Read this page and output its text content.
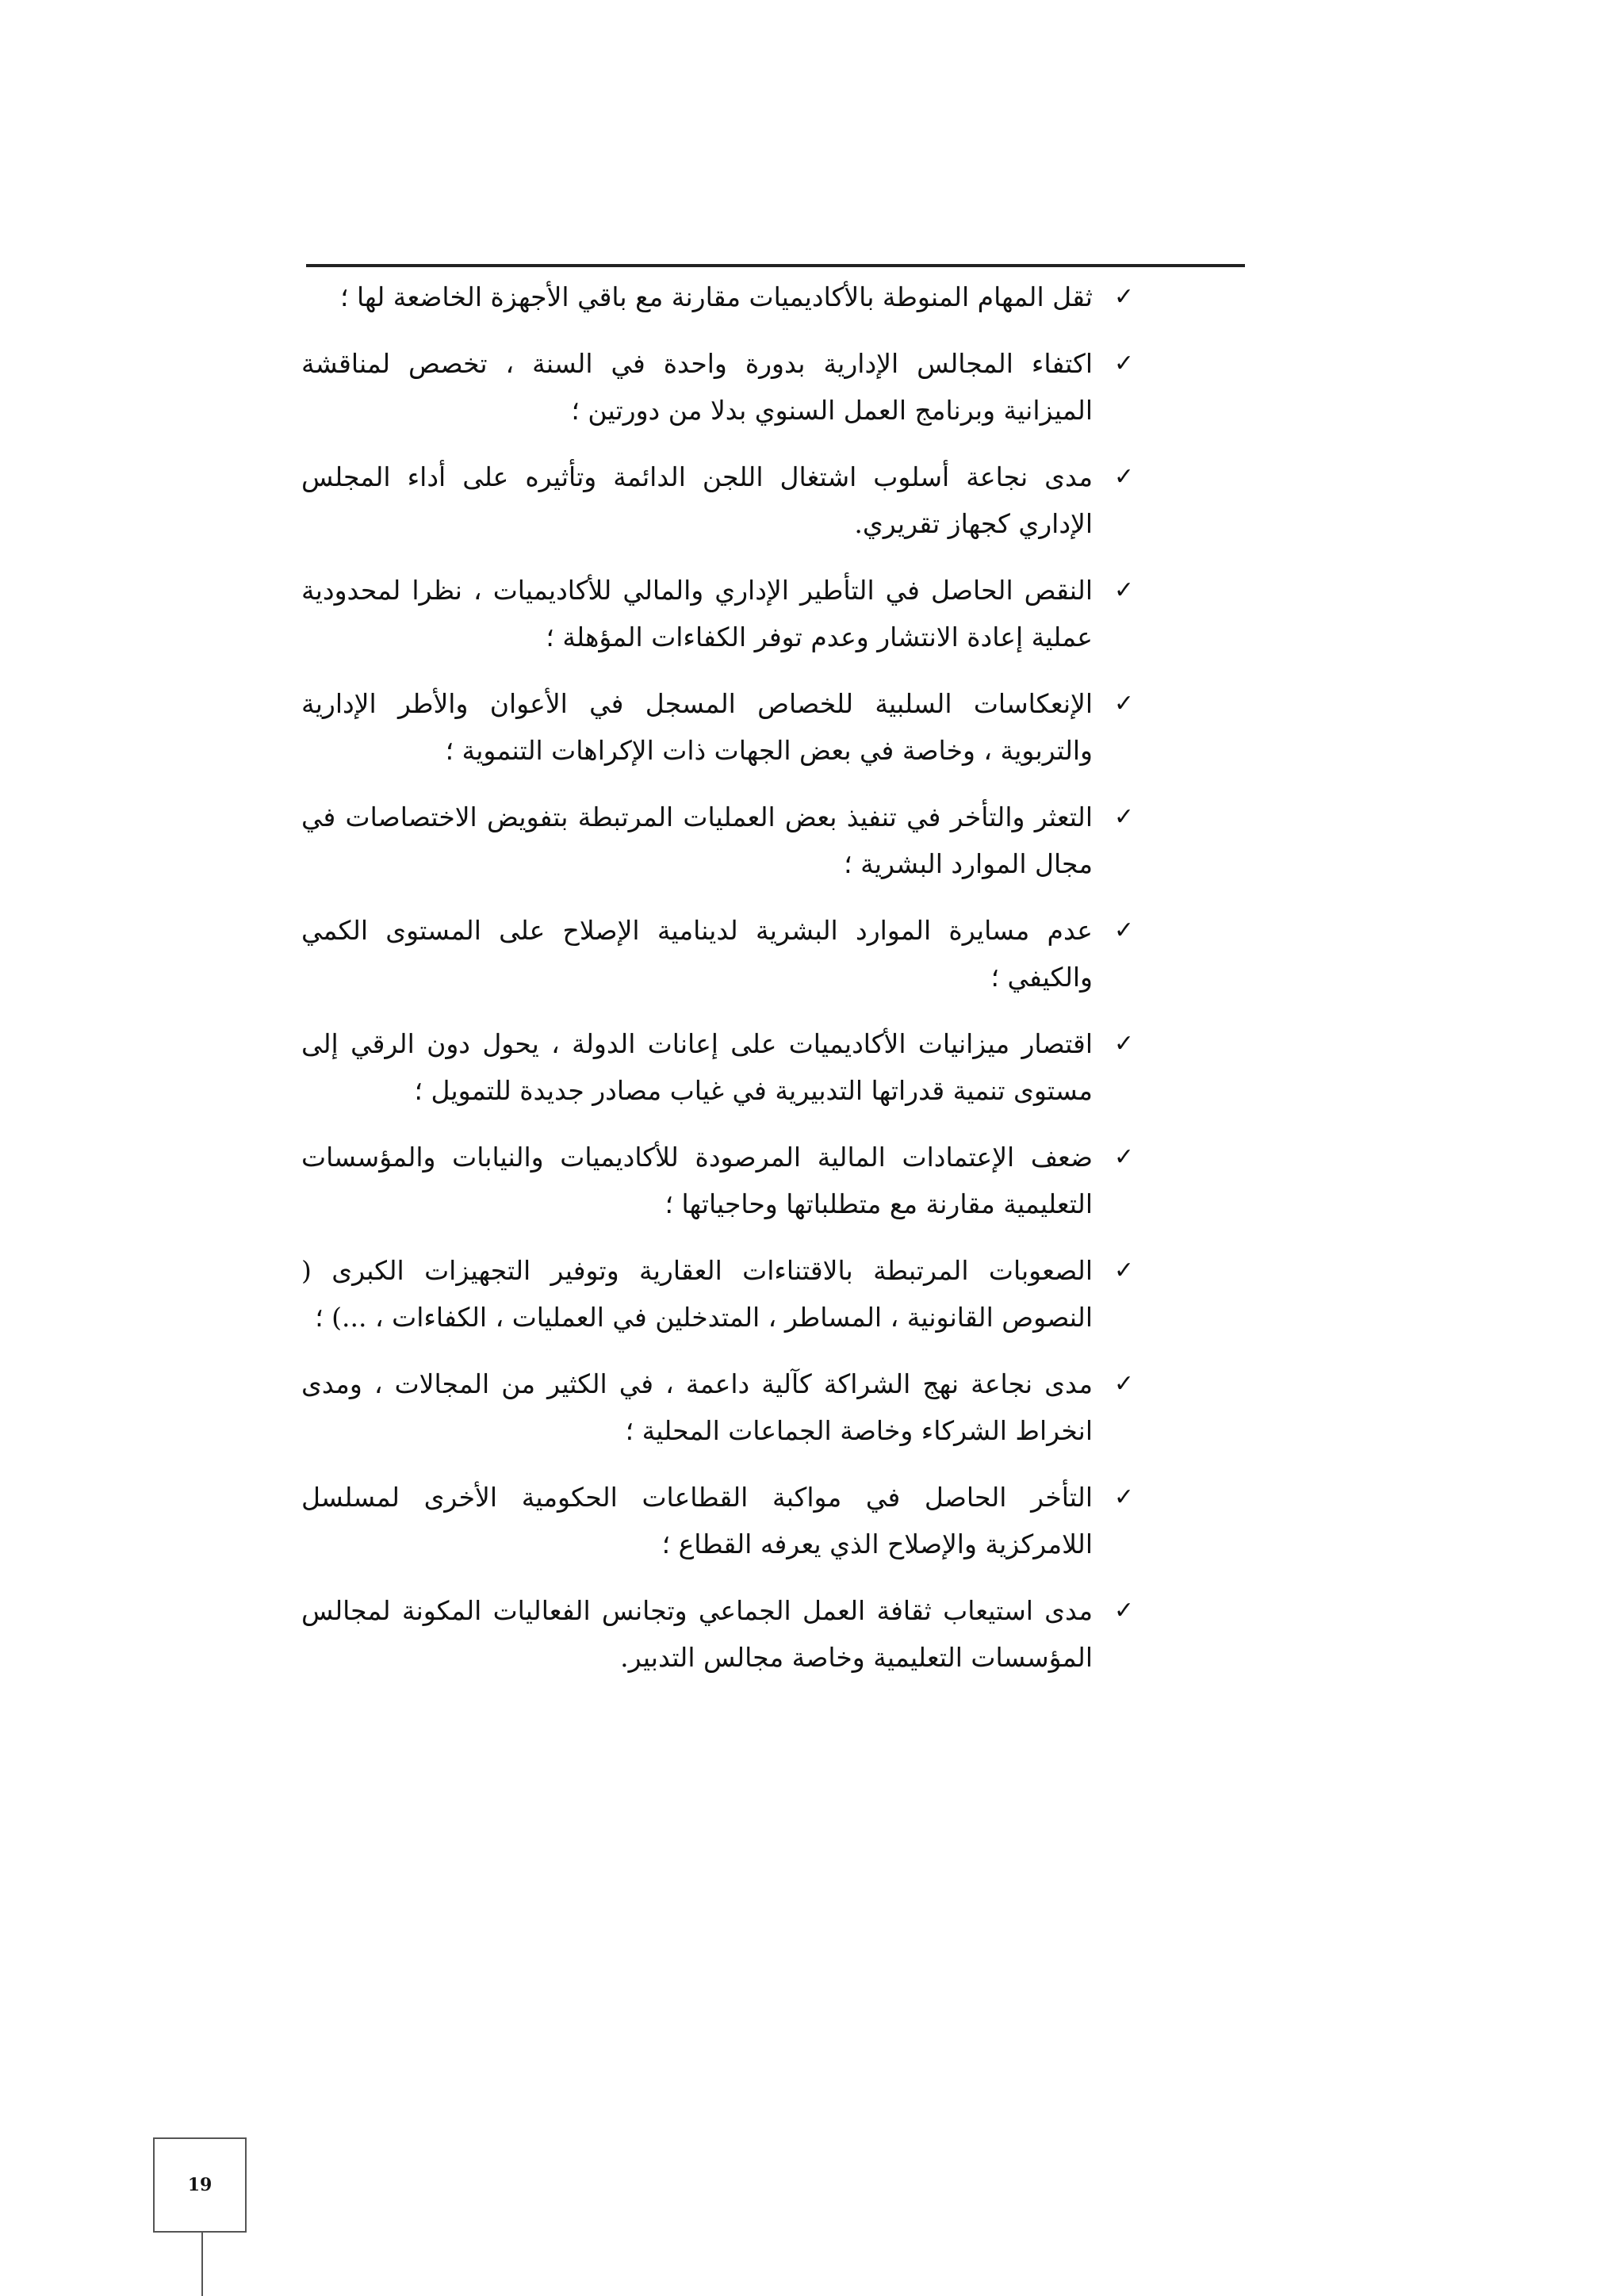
✓
ثقل المهام المنوطة بالأكاديميات مقارنة مع باقي الأجهزة الخاضعة لها ؛
✓
اكتفاء المجالس الإدارية بدورة واحدة في السنة ، تخصص لمناقشة الميزانية وبرنامج العمل السنوي بدلا من دورتين ؛
✓
مدى نجاعة أسلوب اشتغال اللجن الدائمة وتأثيره على أداء المجلس الإداري كجهاز تقريري.
✓
النقص الحاصل في التأطير الإداري والمالي للأكاديميات ، نظرا لمحدودية عملية إعادة الانتشار وعدم توفر الكفاءات المؤهلة ؛
✓
الإنعكاسات السلبية للخصاص المسجل في الأعوان والأطر الإدارية والتربوية ، وخاصة في بعض الجهات ذات الإكراهات التنموية ؛
✓
التعثر والتأخر في تنفيذ بعض العمليات المرتبطة بتفويض الاختصاصات في مجال الموارد البشرية ؛
✓
عدم مسايرة الموارد البشرية لدينامية الإصلاح على المستوى الكمي والكيفي ؛
✓
اقتصار ميزانيات الأكاديميات على إعانات الدولة ، يحول دون الرقي إلى مستوى تنمية قدراتها التدبيرية في غياب مصادر جديدة للتمويل ؛
✓
ضعف الإعتمادات المالية المرصودة للأكاديميات والنيابات والمؤسسات التعليمية مقارنة مع متطلباتها وحاجياتها ؛
✓
الصعوبات المرتبطة بالاقتناءات العقارية وتوفير التجهيزات الكبرى ( النصوص القانونية ، المساطر ، المتدخلين في العمليات ، الكفاءات ، ...) ؛
✓
مدى نجاعة نهج الشراكة كآلية داعمة ، في الكثير من المجالات ، ومدى انخراط الشركاء وخاصة الجماعات المحلية ؛
✓
التأخر الحاصل في مواكبة القطاعات الحكومية الأخرى لمسلسل اللامركزية والإصلاح الذي يعرفه القطاع ؛
✓
مدى استيعاب ثقافة العمل الجماعي وتجانس الفعاليات المكونة لمجالس المؤسسات التعليمية وخاصة مجالس التدبير.
19
